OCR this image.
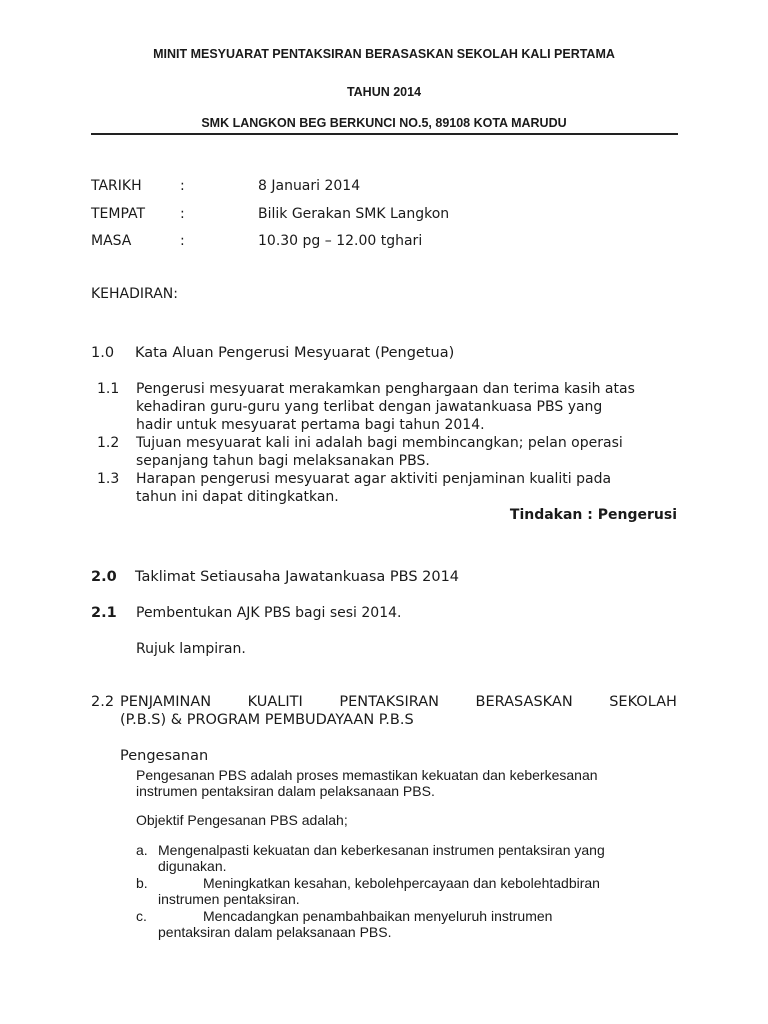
MINIT MESYUARAT PENTAKSIRAN BERASASKAN SEKOLAH KALI PERTAMA
TAHUN 2014
SMK LANGKON BEG BERKUNCI NO.5, 89108 KOTA MARUDU
TARIKH	:	8 Januari 2014
TEMPAT :	Bilik Gerakan SMK Langkon
MASA	:	10.30 pg – 12.00 tghari
KEHADIRAN:
1.0 Kata Aluan Pengerusi Mesyuarat (Pengetua)
1.1 Pengerusi mesyuarat merakamkan penghargaan dan terima kasih atas
kehadiran guru-guru yang terlibat dengan jawatankuasa PBS yang
hadir untuk mesyuarat pertama bagi tahun 2014.
1.2 Tujuan mesyuarat kali ini adalah bagi membincangkan; pelan operasi
sepanjang tahun bagi melaksanakan PBS.
1.3 Harapan pengerusi mesyuarat agar aktiviti penjaminan kualiti pada
tahun ini dapat ditingkatkan.
Tindakan : Pengerusi
2.0 Taklimat Setiausaha Jawatankuasa PBS 2014
2.1 Pembentukan AJK PBS bagi sesi 2014.
Rujuk lampiran.
2.2 PENJAMINAN	KUALITI	PENTAKSIRAN	BERASASKAN	SEKOLAH
(P.B.S) & PROGRAM PEMBUDAYAAN P.B.S
Pengesanan
Pengesanan PBS adalah proses memastikan kekuatan dan keberkesanan
instrumen pentaksiran dalam pelaksanaan PBS.
Objektif Pengesanan PBS adalah;
a. Mengenalpasti kekuatan dan keberkesanan instrumen pentaksiran yang
digunakan.
b.	Meningkatkan kesahan, kebolehpercayaan dan kebolehtadbiran
instrumen pentaksiran.
c.	Mencadangkan penambahbaikan menyeluruh instrumen
pentaksiran dalam pelaksanaan PBS.
